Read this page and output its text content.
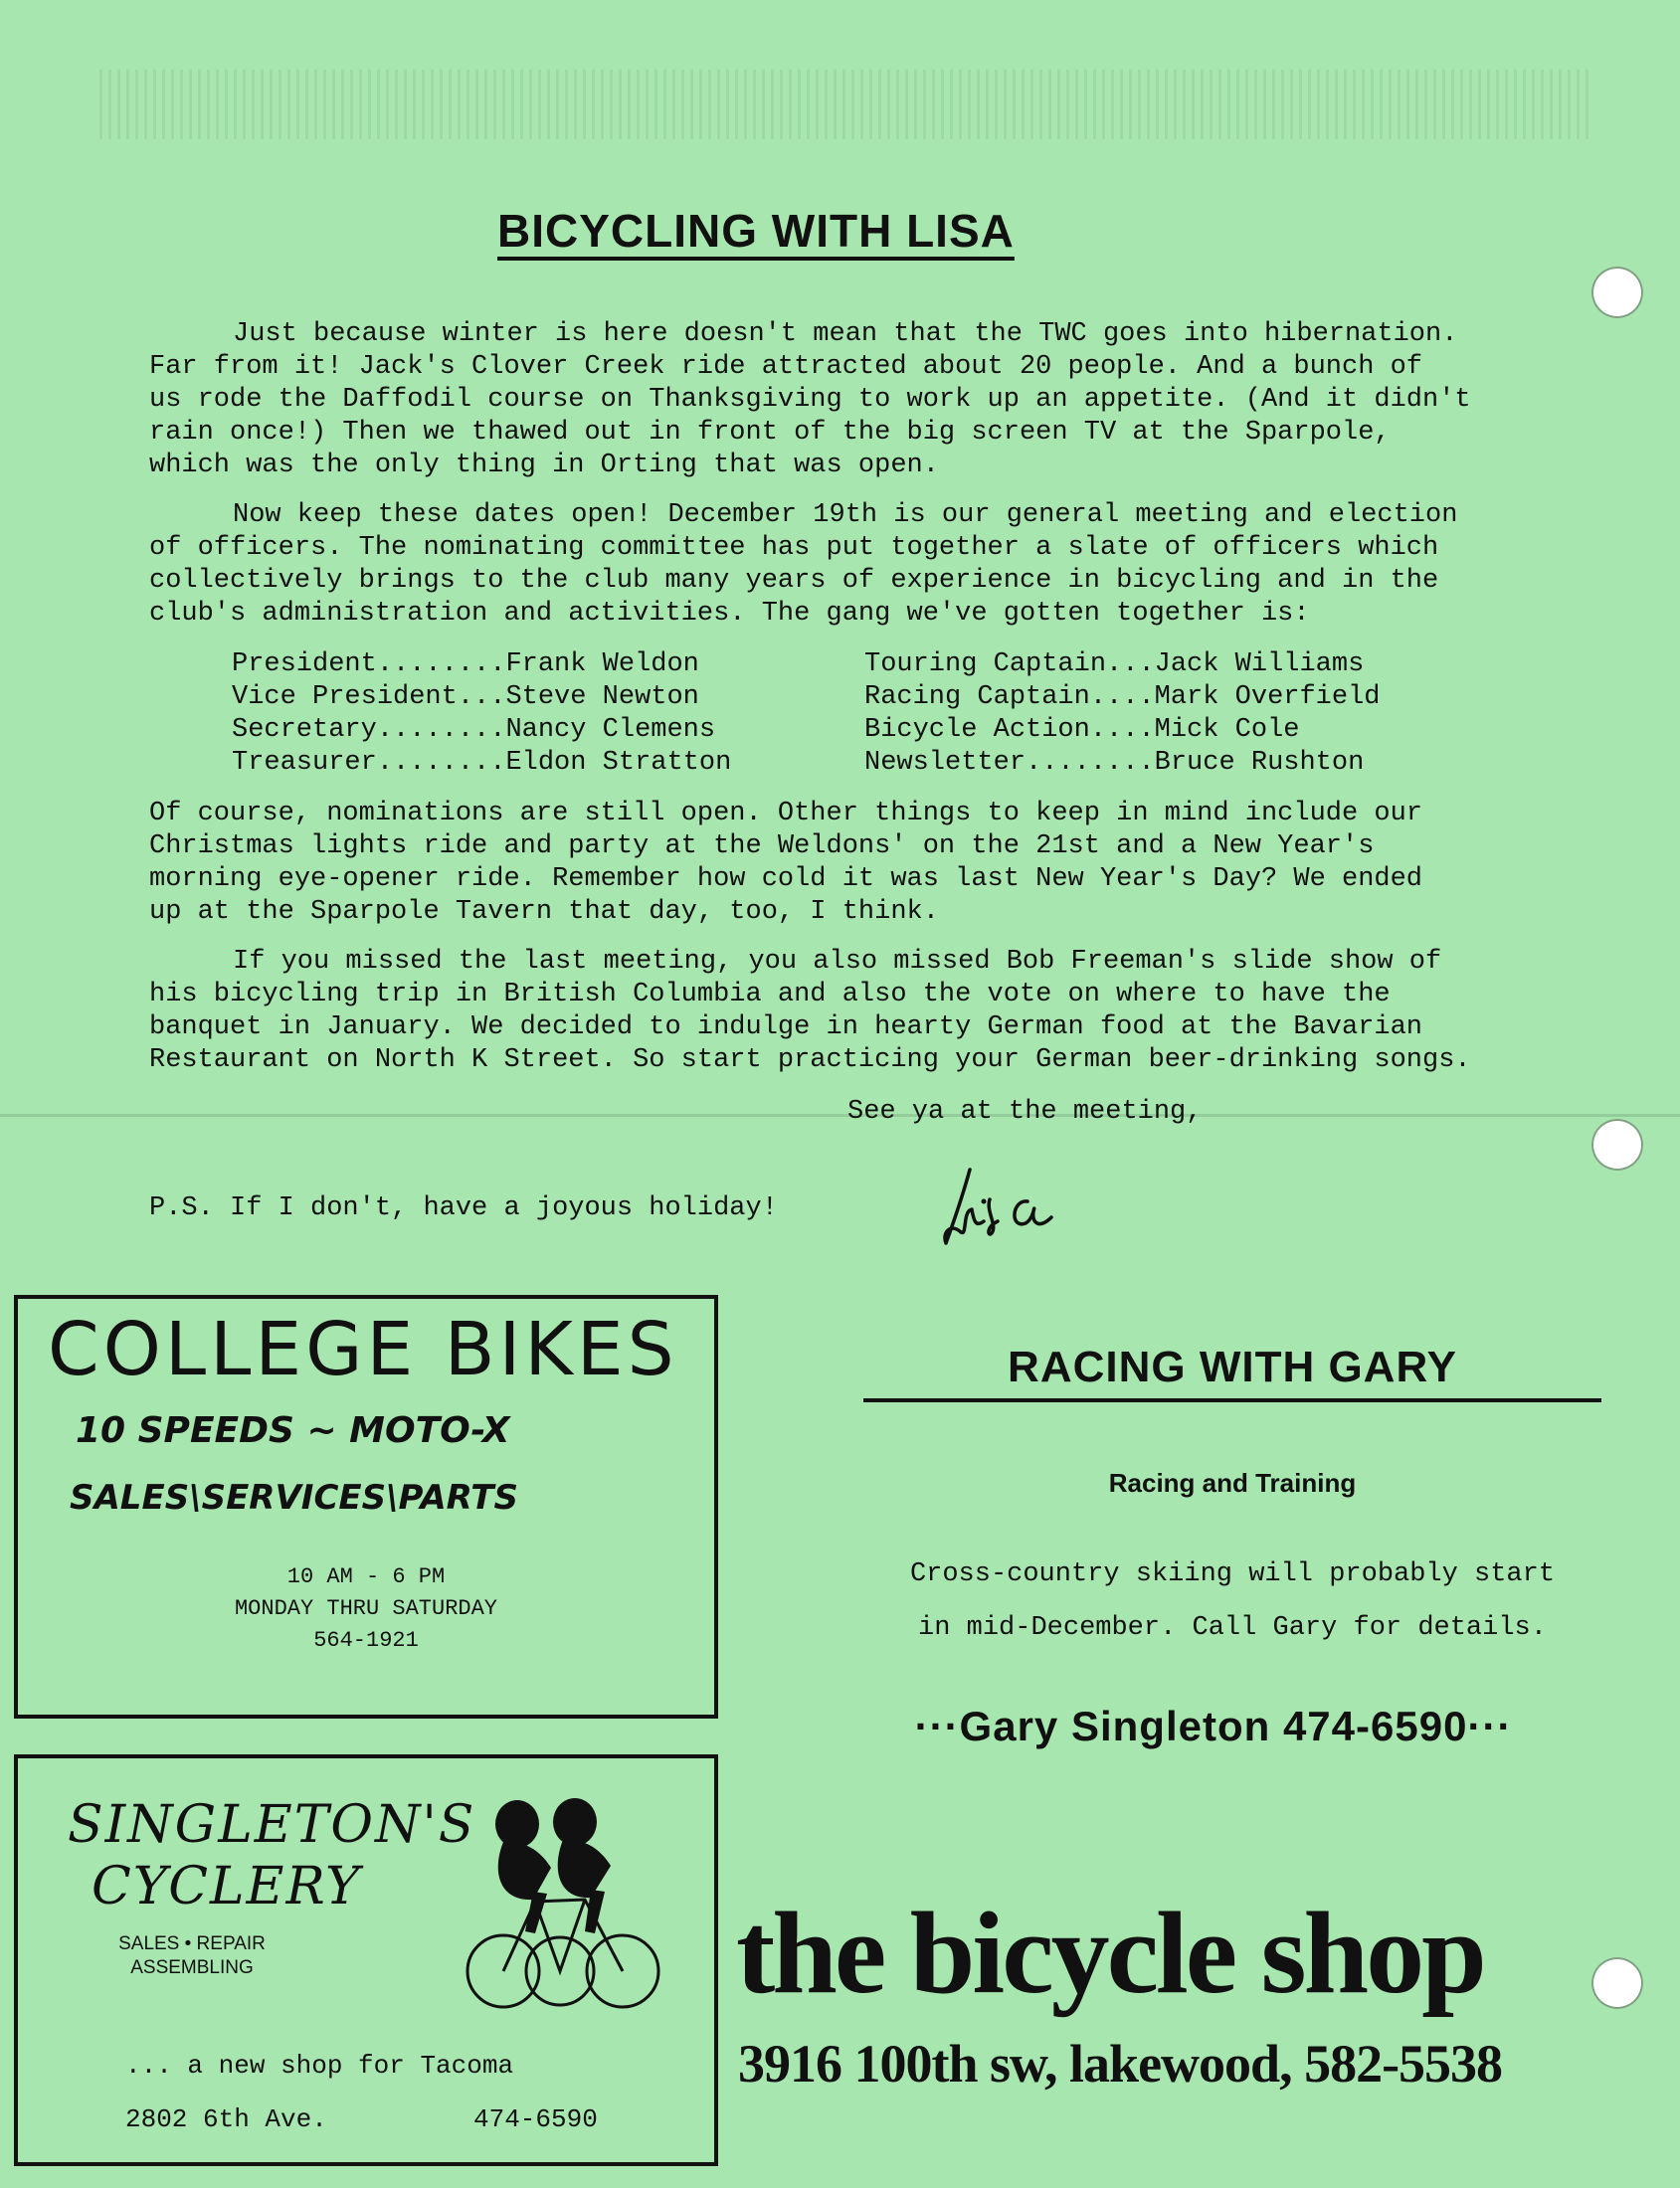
BICYCLING WITH LISA
Just because winter is here doesn't mean that the TWC goes into hibernation.
Far from it! Jack's Clover Creek ride attracted about 20 people. And a bunch of
us rode the Daffodil course on Thanksgiving to work up an appetite. (And it didn't
rain once!) Then we thawed out in front of the big screen TV at the Sparpole,
which was the only thing in Orting that was open.
Now keep these dates open! December 19th is our general meeting and election
of officers. The nominating committee has put together a slate of officers which
collectively brings to the club many years of experience in bicycling and in the
club's administration and activities. The gang we've gotten together is:
President........Frank Weldon	Touring Captain...Jack Williams
Vice President...Steve Newton	Racing Captain....Mark Overfield
Secretary........Nancy Clemens	Bicycle Action....Mick Cole
Treasurer........Eldon Stratton	Newsletter........Bruce Rushton
Of course, nominations are still open. Other things to keep in mind include our
Christmas lights ride and party at the Weldons' on the 21st and a New Year's
morning eye-opener ride. Remember how cold it was last New Year's Day? We ended
up at the Sparpole Tavern that day, too, I think.
If you missed the last meeting, you also missed Bob Freeman's slide show of
his bicycling trip in British Columbia and also the vote on where to have the
banquet in January. We decided to indulge in hearty German food at the Bavarian
Restaurant on North K Street. So start practicing your German beer-drinking songs.

See ya at the meeting,

P.S. If I don't, have a joyous holiday!

COLLEGE BIKES

10 SPEEDS ~ MOTO-X

SALES\SERVICES\PARTS

10 AM - 6 PM

MONDAY THRU SATURDAY

564-1921

SINGLETON'S
CYCLERY

SALES • REPAIR
ASSEMBLING

... a new shop for Tacoma

2802 6th Ave.	474-6590

RACING WITH GARY

Racing and Training

Cross-country skiing will probably start
in mid-December. Call Gary for details.

···Gary Singleton 474-6590···

the bicycle shop

3916 100th sw, lakewood, 582-5538
